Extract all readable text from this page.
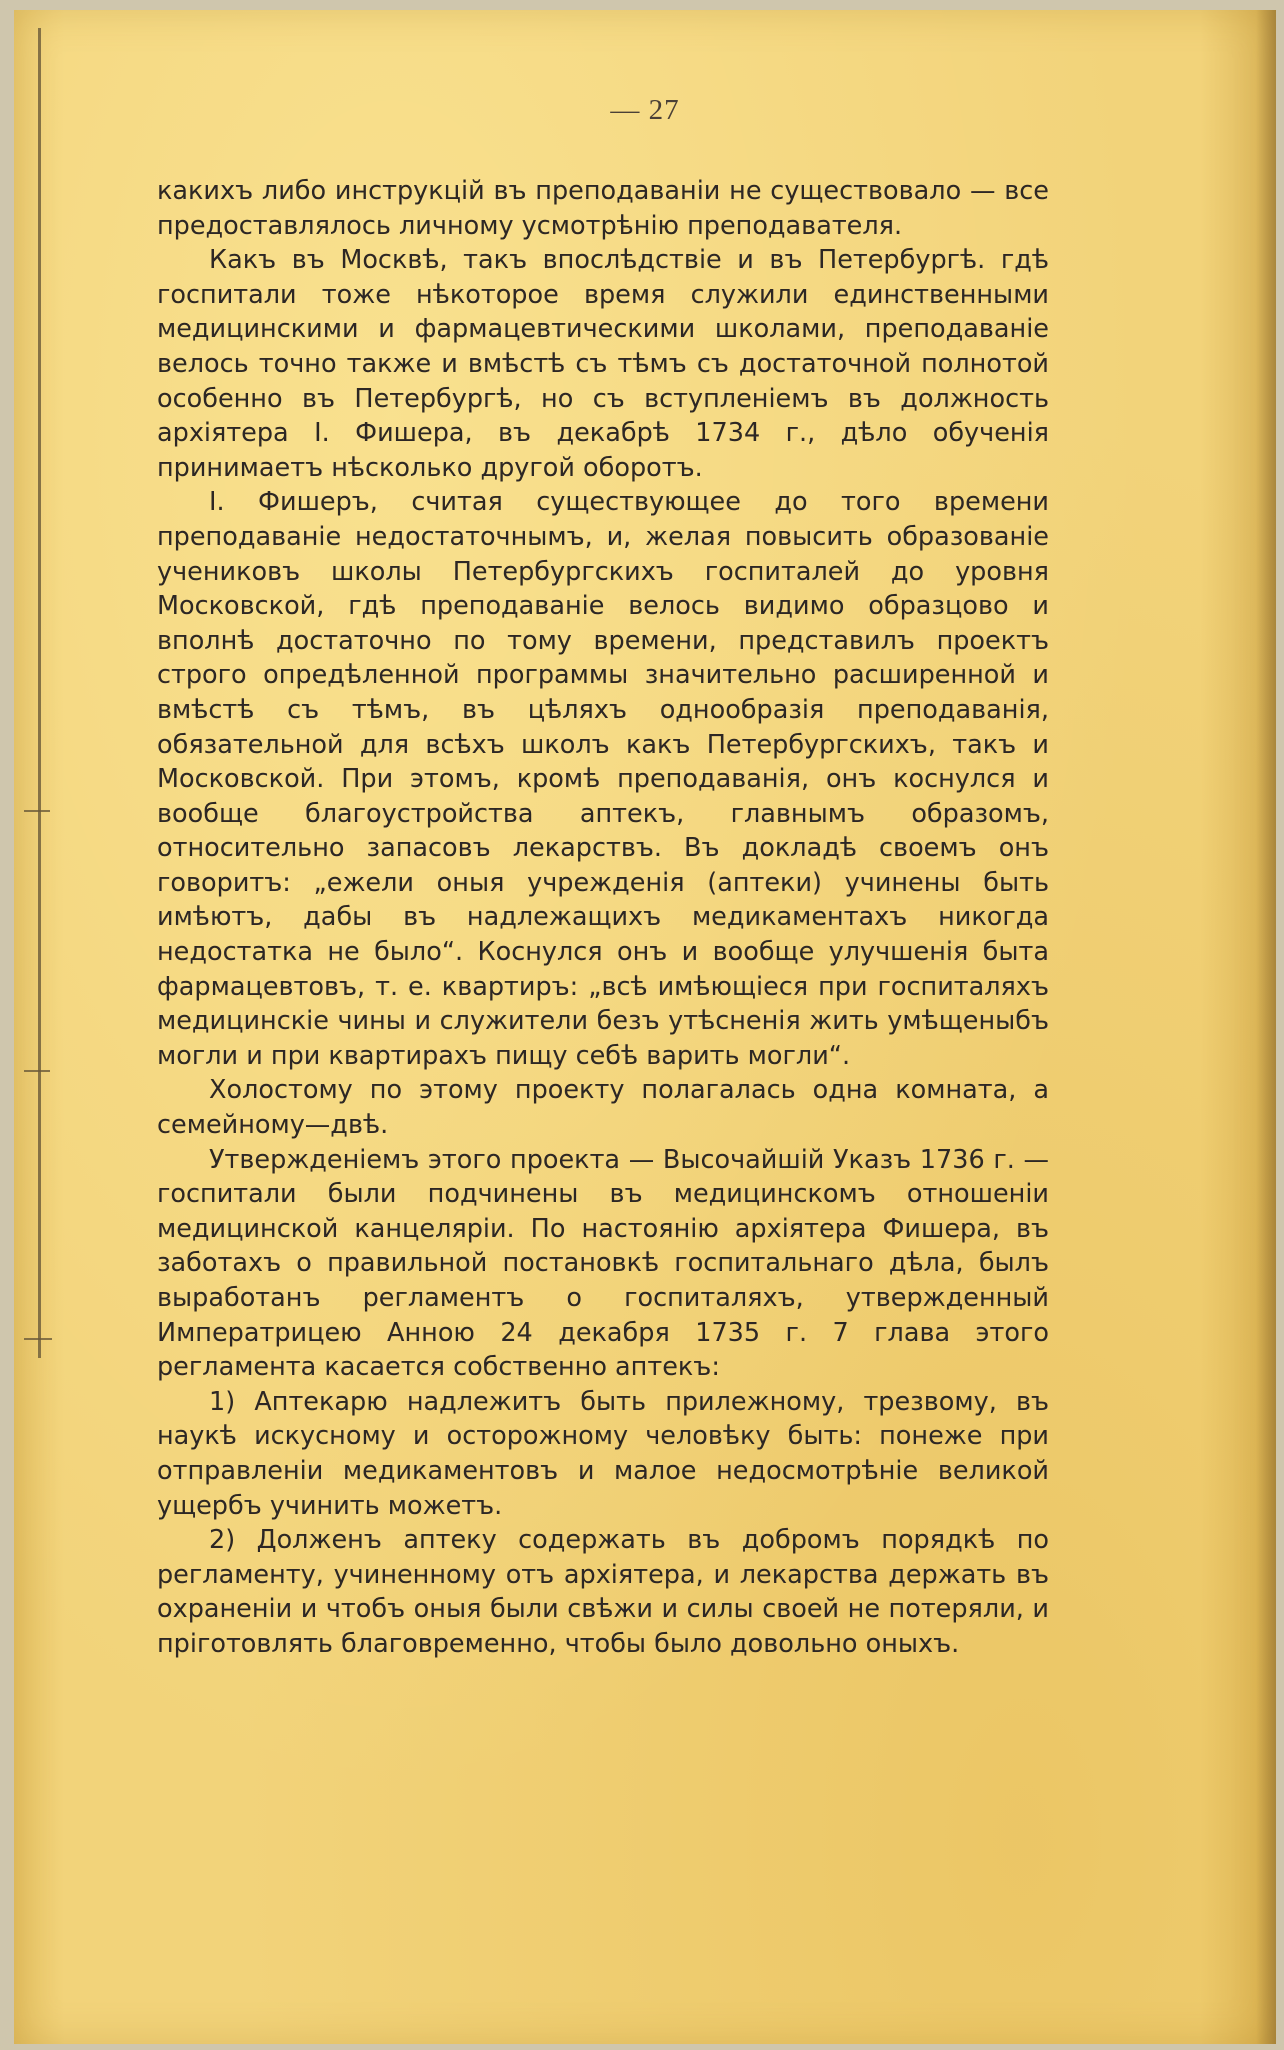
— 27

какихъ либо инструкцій въ преподаваніи не существовало — все предоставлялось личному усмотрѣнію преподавателя.

Какъ въ Москвѣ, такъ впослѣдствіе и въ Петербургѣ. гдѣ госпитали тоже нѣкоторое время служили единственными медицинскими и фармацевтическими школами, преподаваніе велось точно также и вмѣстѣ съ тѣмъ съ достаточной полнотой особенно въ Петербургѣ, но съ вступленіемъ въ должность архіятера І. Фишера, въ декабрѣ 1734 г., дѣло обученія принимаетъ нѣсколько другой оборотъ.

І. Фишеръ, считая существующее до того времени преподаваніе недостаточнымъ, и, желая повысить образованіе учениковъ школы Петербургскихъ госпиталей до уровня Московской, гдѣ преподаваніе велось видимо образцово и вполнѣ достаточно по тому времени, представилъ проектъ строго опредѣленной программы значительно расширенной и вмѣстѣ съ тѣмъ, въ цѣляхъ однообразія преподаванія, обязательной для всѣхъ школъ какъ Петербургскихъ, такъ и Московской. При этомъ, кромѣ преподаванія, онъ коснулся и вообще благоустройства аптекъ, главнымъ образомъ, относительно запасовъ лекарствъ. Въ докладѣ своемъ онъ говоритъ: „ежели оныя учрежденія (аптеки) учинены быть имѣютъ, дабы въ надлежащихъ медикаментахъ никогда недостатка не было“. Коснулся онъ и вообще улучшенія быта фармацевтовъ, т. е. квартиръ: „всѣ имѣющіеся при госпиталяхъ медицинскіе чины и служители безъ утѣсненія жить умѣщеныбъ могли и при квартирахъ пищу себѣ варить могли“.

Холостому по этому проекту полагалась одна комната, а семейному—двѣ.

Утвержденіемъ этого проекта — Высочайшій Указъ 1736 г. — госпитали были подчинены въ медицинскомъ отношеніи медицинской канцеляріи. По настоянію архіятера Фишера, въ заботахъ о правильной постановкѣ госпитальнаго дѣла, былъ выработанъ регламентъ о госпиталяхъ, утвержденный Императрицею Анною 24 декабря 1735 г. 7 глава этого регламента касается собственно аптекъ:

1) Аптекарю надлежитъ быть прилежному, трезвому, въ наукѣ искусному и осторожному человѣку быть: понеже при отправленіи медикаментовъ и малое недосмотрѣніе великой ущербъ учинить можетъ.

2) Долженъ аптеку содержать въ добромъ порядкѣ по регламенту, учиненному отъ архіятера, и лекарства держать въ охраненіи и чтобъ оныя были свѣжи и силы своей не потеряли, и пріготовлять благовременно, чтобы было довольно оныхъ.
